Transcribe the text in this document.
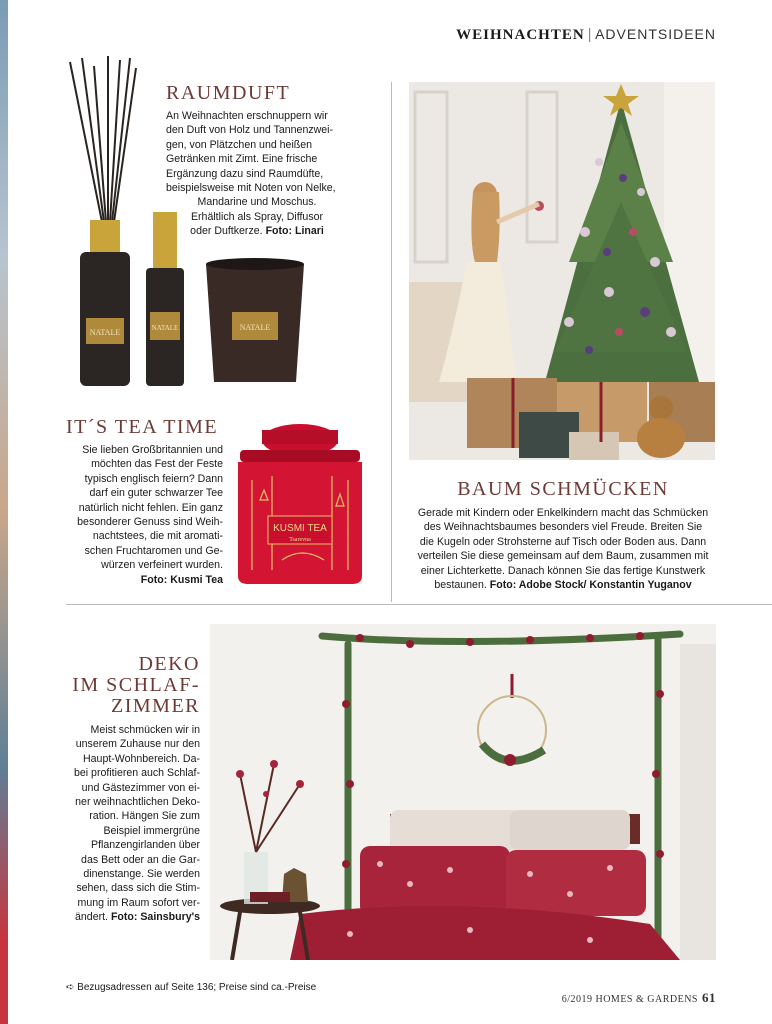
WEIHNACHTEN | ADVENTSIDEEN
NATALE	NATALE	NATALE
RAUMDUFT
An Weihnachten erschnuppern wir
den Duft von Holz und Tannenzwei-
gen, von Plätzchen und heißen
Getränken mit Zimt. Eine frische
Ergänzung dazu sind Raumdüfte,
beispielsweise mit Noten von Nelke,
Mandarine und Moschus.
Erhältlich als Spray, Diffusor
oder Duftkerze. Foto: Linari
KUSMI TEA
Tsarevna
IT´S TEA TIME
Sie lieben Großbritannien und
möchten das Fest der Feste
typisch englisch feiern? Dann
darf ein guter schwarzer Tee
natürlich nicht fehlen. Ein ganz
besonderer Genuss sind Weih-
nachtstees, die mit aromati-
schen Fruchtaromen und Ge-
würzen verfeinert wurden.
Foto: Kusmi Tea
BAUM SCHMÜCKEN
Gerade mit Kindern oder Enkelkindern macht das Schmücken
des Weihnachtsbaumes besonders viel Freude. Breiten Sie
die Kugeln oder Strohsterne auf Tisch oder Boden aus. Dann
verteilen Sie diese gemeinsam auf dem Baum, zusammen mit
einer Lichterkette. Danach können Sie das fertige Kunstwerk
bestaunen. Foto: Adobe Stock/ Konstantin Yuganov
DEKO
IM SCHLAF-
ZIMMER
Meist schmücken wir in
unserem Zuhause nur den
Haupt-Wohnbereich. Da-
bei profitieren auch Schlaf-
und Gästezimmer von ei-
ner weihnachtlichen Deko-
ration. Hängen Sie zum
Beispiel immergrüne
Pflanzengirlanden über
das Bett oder an die Gar-
dinenstange. Sie werden
sehen, dass sich die Stim-
mung im Raum sofort ver-
ändert. Foto: Sainsbury's
➪ Bezugsadressen auf Seite 136; Preise sind ca.-Preise
6/2019 HOMES & GARDENS 61
